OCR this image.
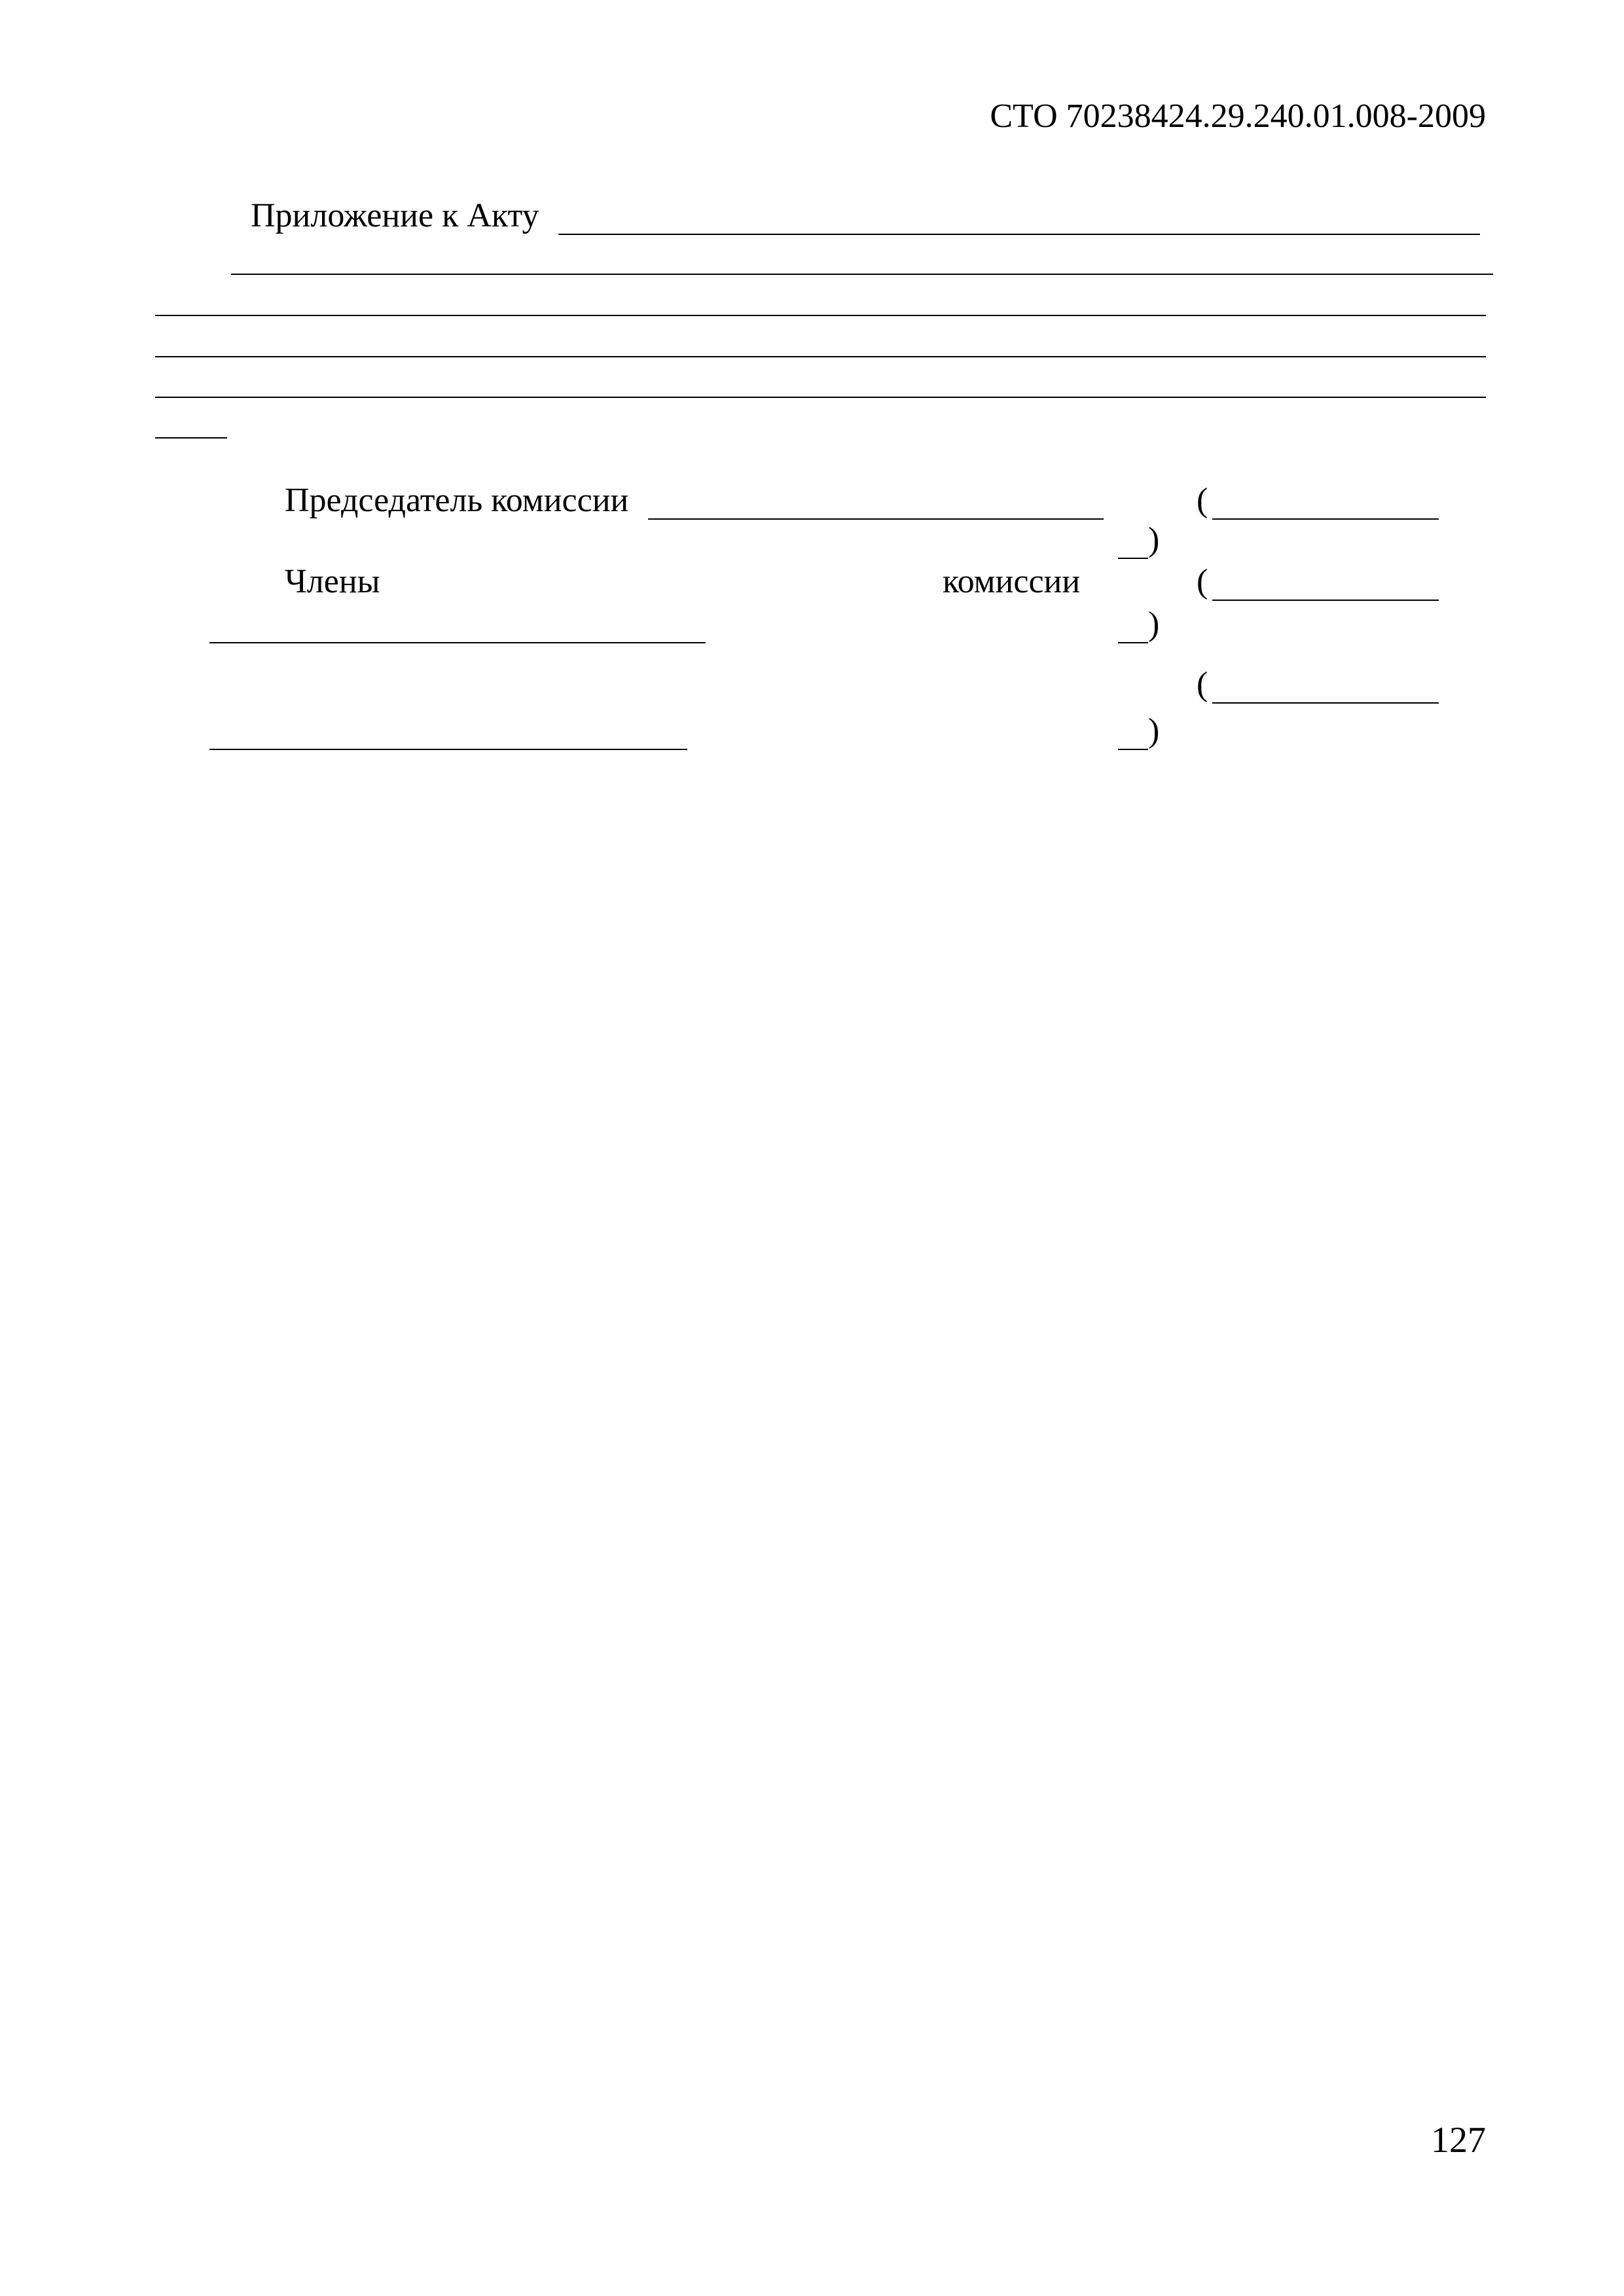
СТО 70238424.29.240.01.008-2009
Приложение к Акту
Председатель комиссии	(
)
Члены	комиссии	(
)
(
)
127
